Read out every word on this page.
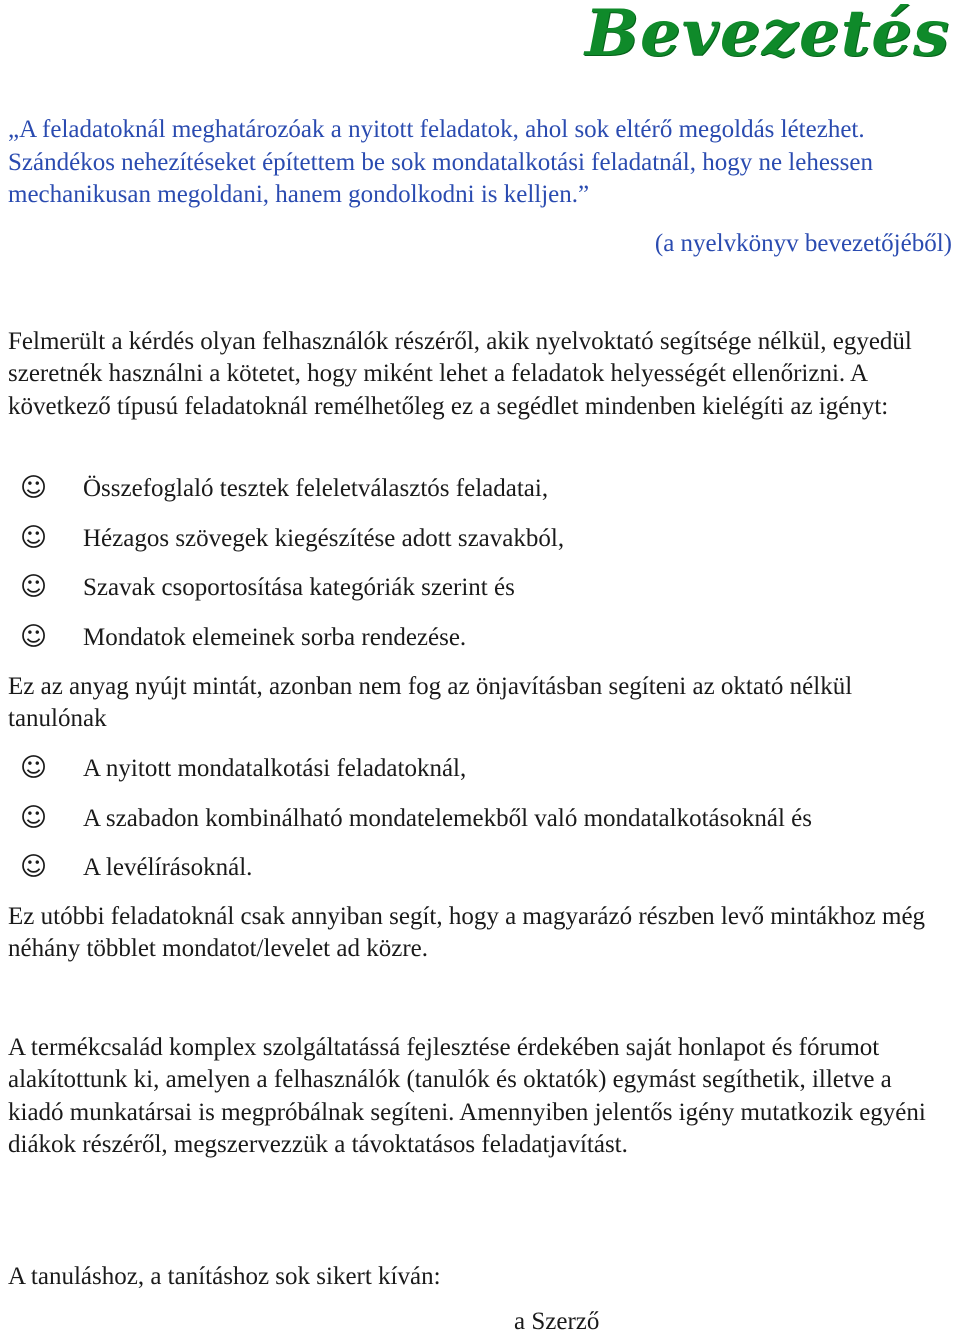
Bevezetés
„A feladatoknál meghatározóak a nyitott feladatok, ahol sok eltérő megoldás létezhet. Szándékos nehezítéseket építettem be sok mondatalkotási feladatnál, hogy ne lehessen mechanikusan megoldani, hanem gondolkodni is kelljen.”
(a nyelvkönyv bevezetőjéből)
Felmerült a kérdés olyan felhasználók részéről, akik nyelvoktató segítsége nélkül, egyedül szeretnék használni a kötetet, hogy miként lehet a feladatok helyességét ellenőrizni. A következő típusú feladatoknál remélhetőleg ez a segédlet mindenben kielégíti az igényt:
☺ Összefoglaló tesztek feleletválasztós feladatai,
☺ Hézagos szövegek kiegészítése adott szavakból,
☺ Szavak csoportosítása kategóriák szerint és
☺ Mondatok elemeinek sorba rendezése.
Ez az anyag nyújt mintát, azonban nem fog az önjavításban segíteni az oktató nélkül tanulónak
☺ A nyitott mondatalkotási feladatoknál,
☺ A szabadon kombinálható mondatelemekből való mondatalkotásoknál és
☺ A levélírásoknál.
Ez utóbbi feladatoknál csak annyiban segít, hogy a magyarázó részben levő mintákhoz még néhány többlet mondatot/levelet ad közre.
A termékcsalád komplex szolgáltatássá fejlesztése érdekében saját honlapot és fórumot alakítottunk ki, amelyen a felhasználók (tanulók és oktatók) egymást segíthetik, illetve a kiadó munkatársai is megpróbálnak segíteni. Amennyiben jelentős igény mutatkozik egyéni diákok részéről, megszervezzük a távoktatásos feladatjavítást.
A tanuláshoz, a tanításhoz sok sikert kíván:
a Szerző
